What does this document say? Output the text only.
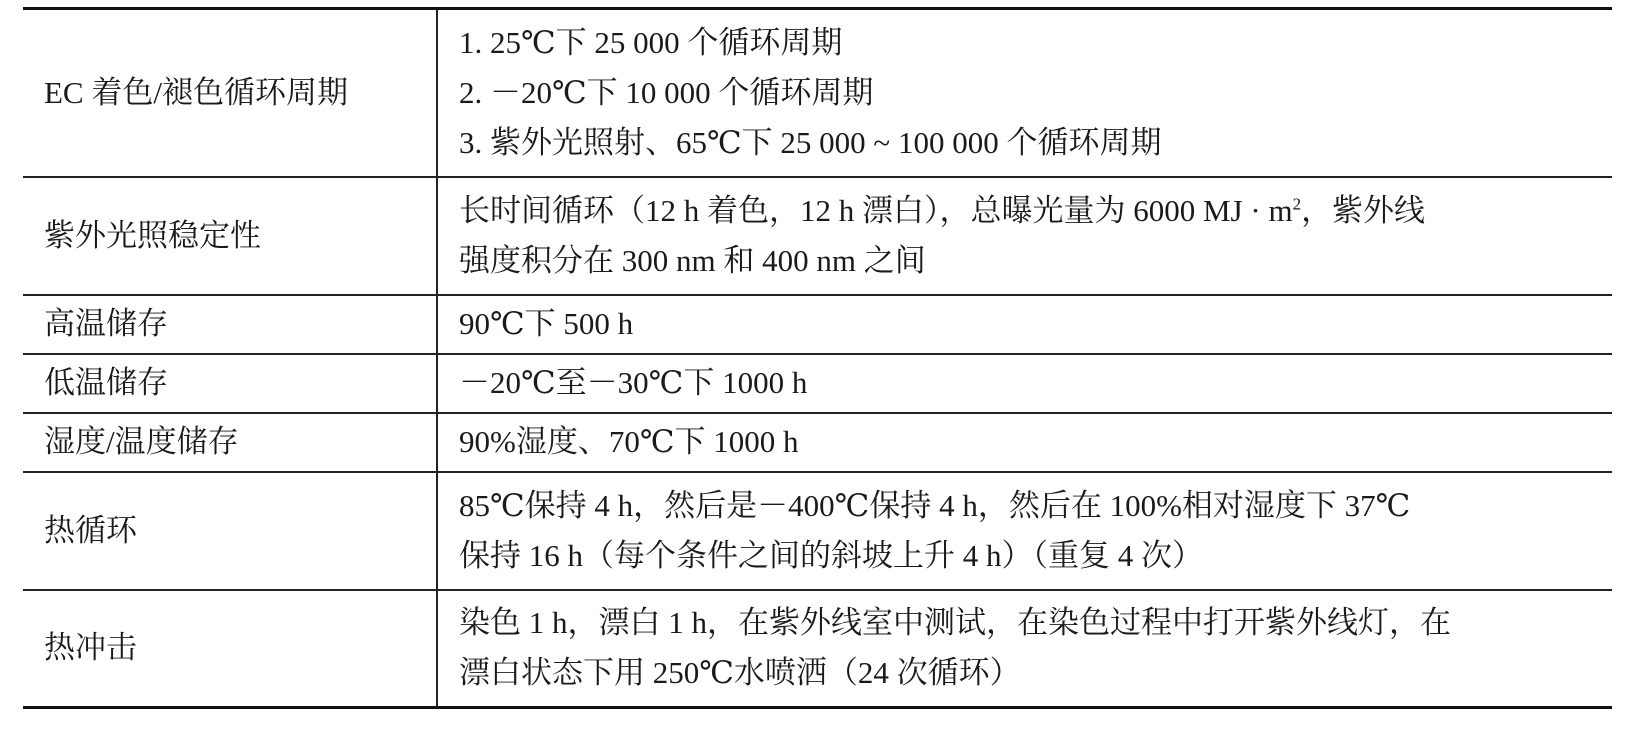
EC 着色/褪色循环周期	1. 25℃下 25 000 个循环周期
2. －20℃下 10 000 个循环周期
3. 紫外光照射、65℃下 25 000 ~ 100 000 个循环周期

紫外光照稳定性	长时间循环（12 h 着色，12 h 漂白），总曝光量为 6000 MJ · $m^2$，紫外线
强度积分在 300 nm 和 400 nm 之间

高温储存	90℃下 500 h

低温储存	－20℃至－30℃下 1000 h

湿度/温度储存	90%湿度、70℃下 1000 h

热循环	85℃保持 4 h，然后是－400℃保持 4 h，然后在 100%相对湿度下 37℃
保持 16 h（每个条件之间的斜坡上升 4 h）（重复 4 次）

热冲击	染色 1 h，漂白 1 h，在紫外线室中测试，在染色过程中打开紫外线灯，在
漂白状态下用 250℃水喷洒（24 次循环）
